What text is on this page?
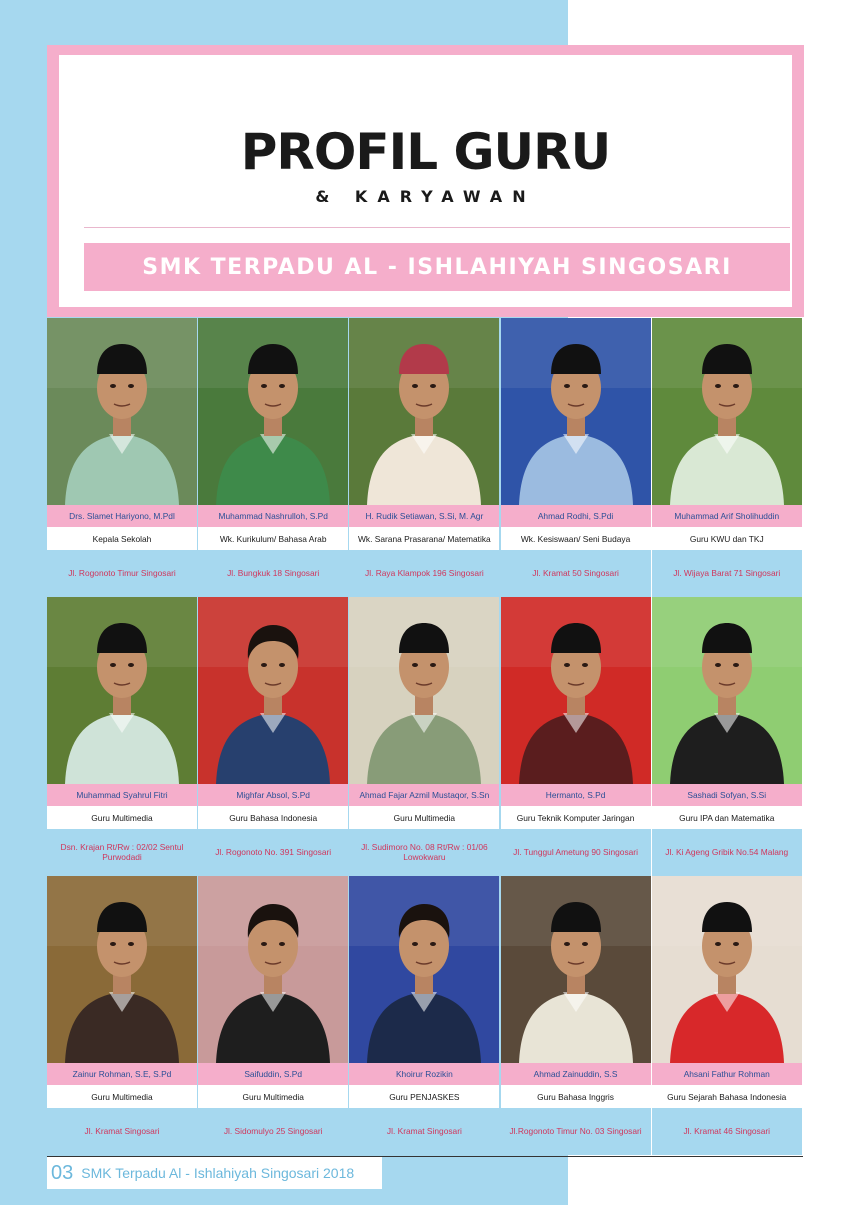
PROFIL GURU
& KARYAWAN
SMK TERPADU AL - ISHLAHIYAH SINGOSARI
Drs. Slamet Hariyono, M.Pdl
Kepala Sekolah
Jl. Rogonoto Timur Singosari
Muhammad Nashrulloh, S.Pd
Wk. Kurikulum/ Bahasa Arab
Jl. Bungkuk 18 Singosari
H. Rudik Setiawan, S.Si, M. Agr
Wk. Sarana Prasarana/ Matematika
Jl. Raya Klampok 196 Singosari
Ahmad Rodhi, S.Pdi
Wk. Kesiswaan/ Seni Budaya
Jl. Kramat 50 Singosari
Muhammad Arif Sholihuddin
Guru KWU dan TKJ
Jl. Wijaya Barat 71 Singosari
Muhammad Syahrul Fitri
Guru Multimedia
Dsn. Krajan Rt/Rw : 02/02 Sentul Purwodadi
Mighfar Absol, S.Pd
Guru Bahasa Indonesia
Jl. Rogonoto No. 391 Singosari
Ahmad Fajar Azmil Mustaqor, S.Sn
Guru Multimedia
Jl. Sudimoro No. 08 Rt/Rw : 01/06 Lowokwaru
Hermanto, S.Pd
Guru Teknik Komputer Jaringan
Jl. Tunggul Ametung 90 Singosari
Sashadi Sofyan, S.Si
Guru IPA dan Matematika
Jl. Ki Ageng Gribik No.54 Malang
Zainur Rohman, S.E, S.Pd
Guru Multimedia
Jl. Kramat Singosari
Saifuddin, S.Pd
Guru Multimedia
Jl. Sidomulyo 25 Singosari
Khoirur Rozikin
Guru PENJASKES
Jl. Kramat Singosari
Ahmad Zainuddin, S.S
Guru Bahasa Inggris
Jl.Rogonoto Timur No. 03 Singosari
Ahsani Fathur Rohman
Guru Sejarah Bahasa Indonesia
Jl. Kramat 46 Singosari
03 SMK Terpadu Al - Ishlahiyah Singosari 2018
